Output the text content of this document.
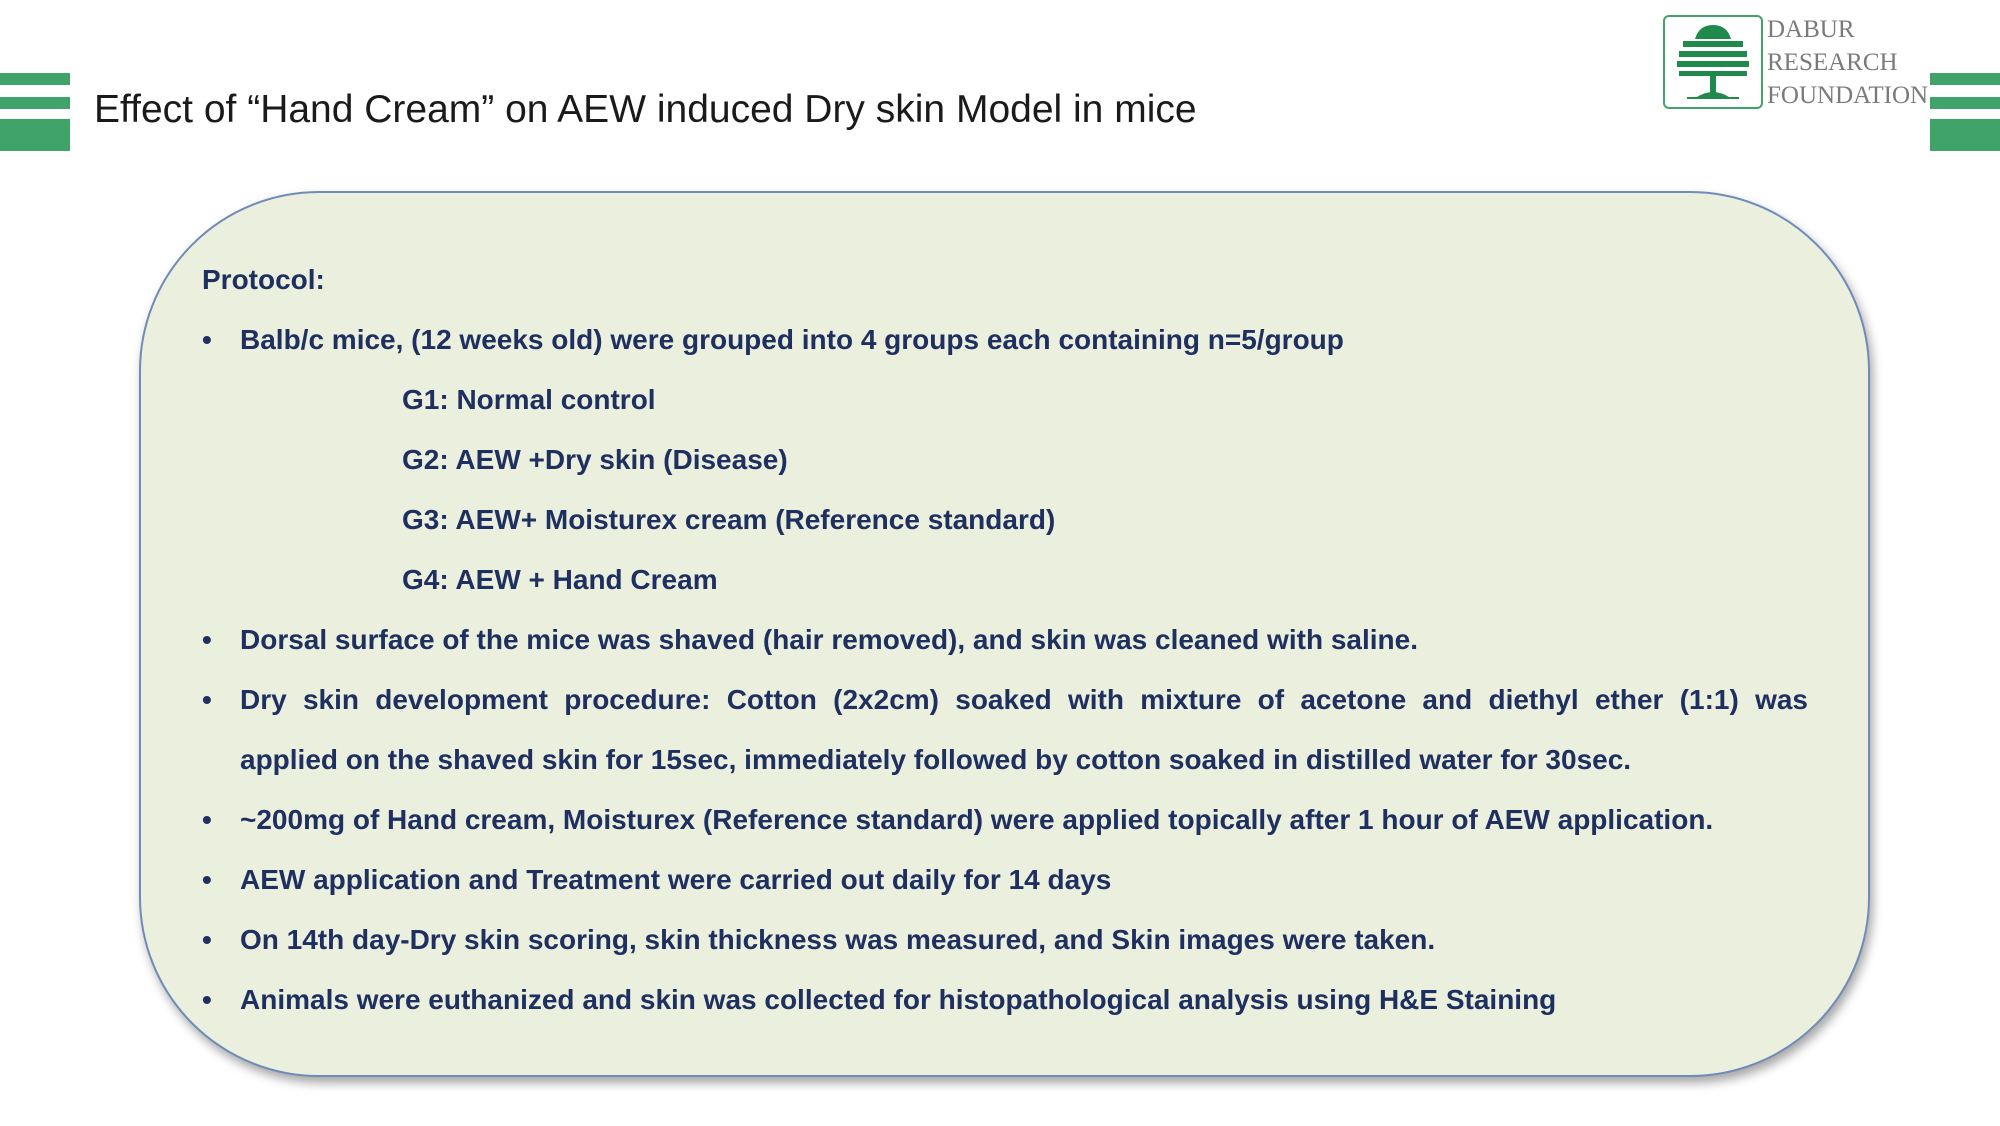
Effect of “Hand Cream” on AEW induced Dry skin Model in mice
DABUR
RESEARCH
FOUNDATION
Protocol:
• Balb/c mice, (12 weeks old) were grouped into 4 groups each containing n=5/group
G1: Normal control
G2: AEW +Dry skin (Disease)
G3: AEW+ Moisturex cream (Reference standard)
G4: AEW + Hand Cream
• Dorsal surface of the mice was shaved (hair removed), and skin was cleaned with saline.
• Dry skin development procedure: Cotton (2x2cm) soaked with mixture of acetone and diethyl ether (1:1) was
applied on the shaved skin for 15sec, immediately followed by cotton soaked in distilled water for 30sec.
• ~200mg of Hand cream, Moisturex (Reference standard) were applied topically after 1 hour of AEW application.
• AEW application and Treatment were carried out daily for 14 days
• On 14th day-Dry skin scoring, skin thickness was measured, and Skin images were taken.
• Animals were euthanized and skin was collected for histopathological analysis using H&E Staining
